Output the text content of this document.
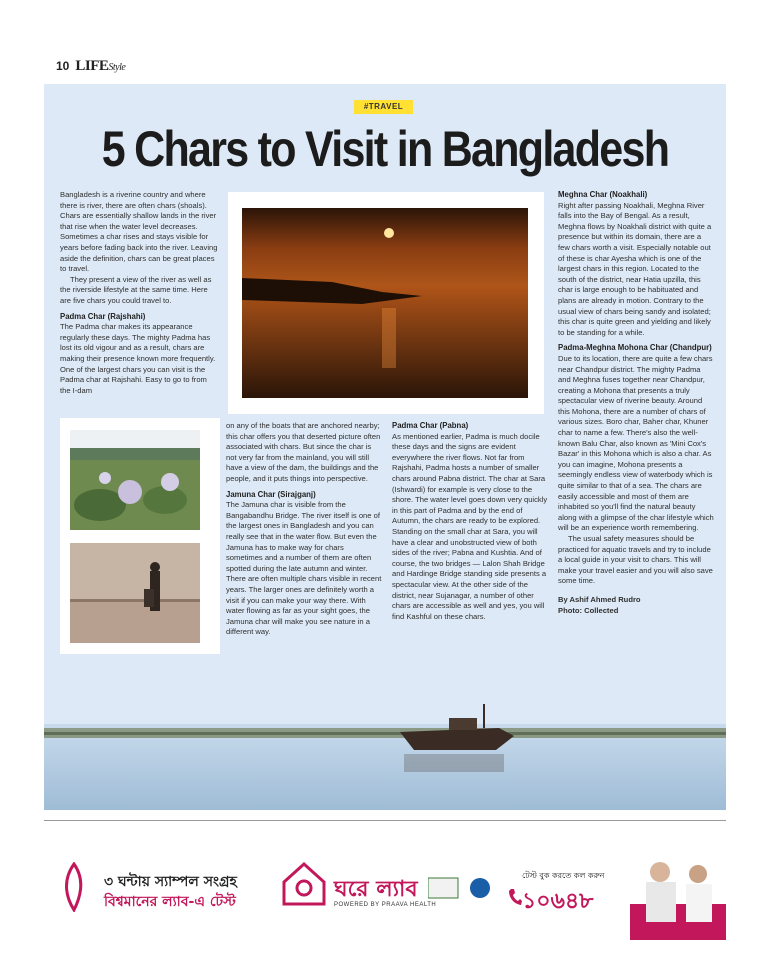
10 LIFEStyle
#TRAVEL
5 Chars to Visit in Bangladesh

Bangladesh is a riverine country and where there is river, there are often chars (shoals). Chars are essentially shallow lands in the river that rise when the water level decreases. Sometimes a char rises and stays visible for years before fading back into the river. Leaving aside the definition, chars can be great places to travel.

They present a view of the river as well as the riverside lifestyle at the same time. Here are five chars you could travel to.

Padma Char (Rajshahi)

The Padma char makes its appearance regularly these days. The mighty Padma has lost its old vigour and as a result, chars are making their presence known more frequently. One of the largest chars you can visit is the Padma char at Rajshahi. Easy to go to from the I-dam

on any of the boats that are anchored nearby; this char offers you that deserted picture often associated with chars. But since the char is not very far from the mainland, you will still have a view of the dam, the buildings and the people, and it puts things into perspective.

Jamuna Char (Sirajganj)

The Jamuna char is visible from the Bangabandhu Bridge. The river itself is one of the largest ones in Bangladesh and you can really see that in the water flow. But even the Jamuna has to make way for chars sometimes and a number of them are often spotted during the late autumn and winter. There are often multiple chars visible in recent years. The larger ones are definitely worth a visit if you can make your way there. With water flowing as far as your sight goes, the Jamuna char will make you see nature in a different way.

Padma Char (Pabna)

As mentioned earlier, Padma is much docile these days and the signs are evident everywhere the river flows. Not far from Rajshahi, Padma hosts a number of smaller chars around Pabna district. The char at Sara (Ishwardi) for example is very close to the shore. The water level goes down very quickly in this part of Padma and by the end of Autumn, the chars are ready to be explored. Standing on the small char at Sara, you will have a clear and unobstructed view of both sides of the river; Pabna and Kushtia. And of course, the two bridges — Lalon Shah Bridge and Hardinge Bridge standing side presents a spectacular view. At the other side of the district, near Sujanagar, a number of other chars are accessible as well and yes, you will find Kashful on these chars.

Meghna Char (Noakhali)

Right after passing Noakhali, Meghna River falls into the Bay of Bengal. As a result, Meghna flows by Noakhali district with quite a presence but within its domain, there are a few chars worth a visit. Especially notable out of these is char Ayesha which is one of the largest chars in this region. Located to the south of the district, near Hatia upzilla, this char is large enough to be habituated and plans are already in motion. Contrary to the usual view of chars being sandy and isolated; this char is quite green and yielding and likely to be standing for a while.

Padma-Meghna Mohona Char (Chandpur)

Due to its location, there are quite a few chars near Chandpur district. The mighty Padma and Meghna fuses together near Chandpur, creating a Mohona that presents a truly spectacular view of riverine beauty. Around this Mohona, there are a number of chars of various sizes. Boro char, Baher char, Khuner char to name a few. There's also the well-known Balu Char, also known as 'Mini Cox's Bazar' in this Mohona which is also a char. As you can imagine, Mohona presents a seemingly endless view of waterbody which is quite similar to that of a sea. The chars are easily accessible and most of them are inhabited so you'll find the natural beauty along with a glimpse of the char lifestyle which will be an experience worth remembering.

The usual safety measures should be practiced for aquatic travels and try to include a local guide in your visit to chars. This will make your travel easier and you will also save some time.

By Ashif Ahmed Rudro

Photo: Collected

৩ ঘন্টায় স্যাম্পল সংগ্রহ
বিশ্বমানের ল্যাব-এ টেস্ট	ঘরে ল্যাব
POWERED BY PRAAVA HEALTH
টেস্ট বুক করতে কল করুন
১০৬৪৮
